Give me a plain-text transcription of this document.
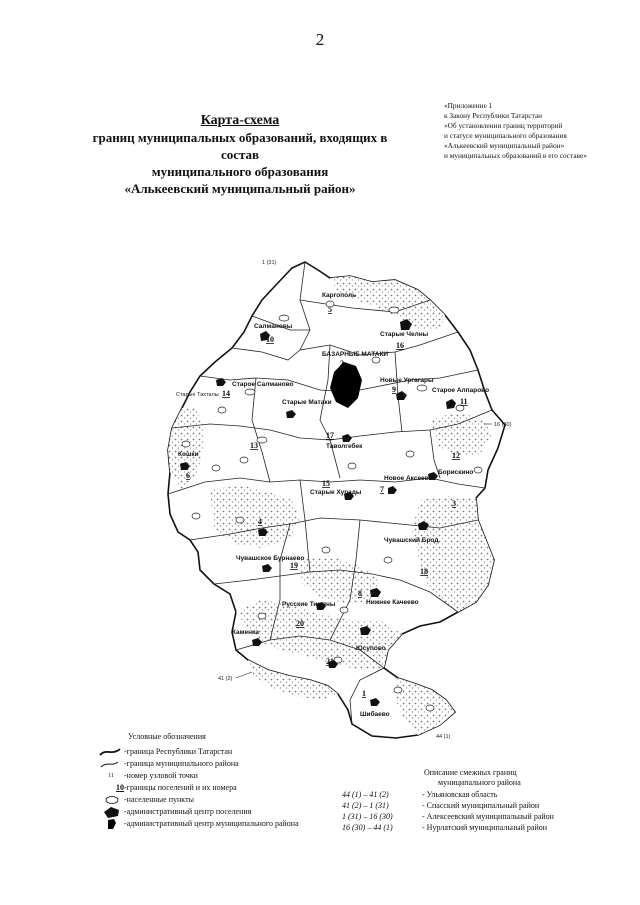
2
Карта-схема
границ муниципальных образований, входящих в состав
муниципального образования
«Алькеевский муниципальный район»
«Приложение 1
к Закону Республики Татарстан
«Об установлении границ территорий
и статусе муниципального образования
«Алькеевский муниципальный район»
и муниципальных образований в его составе»
Каргополь
Салмановы
Старые Челны
БАЗАРНЫЕ МАТАКИ
Новые Ургагары
Старое Алпарово
Старое Салманово
Старые Тахталы
Старые Матаки
Кошки
Таволгебек
Старые Хурады
Новое Аксеево
Борискино
Чувашский Брод
Чувашское Бурнаево
Русские Тимяны
Каменка
Юсупово
Шибаево
Нижнее Качеево
1
2
3
4
5
6
7
8
9
10
11
12
13
14
15
16
17
18
19
20
21
1 (31)
16 (30)
44 (1)
41 (2)
Условные обозначения
-граница Республики Татарстан
-граница муниципального района
11	-номер узловой точки
10 -границы поселений и их номера
-населенные пункты
-административный центр поселения
-административный центр муниципального района
Описание смежных границ
муниципального района
44 (1) – 41 (2)	- Ульяновская область
41 (2) – 1 (31)	- Спасский муниципальный район
1 (31) – 16 (30)	- Алексеевский муниципальный район
16 (30) – 44 (1)	- Нурлатский муниципальный район
